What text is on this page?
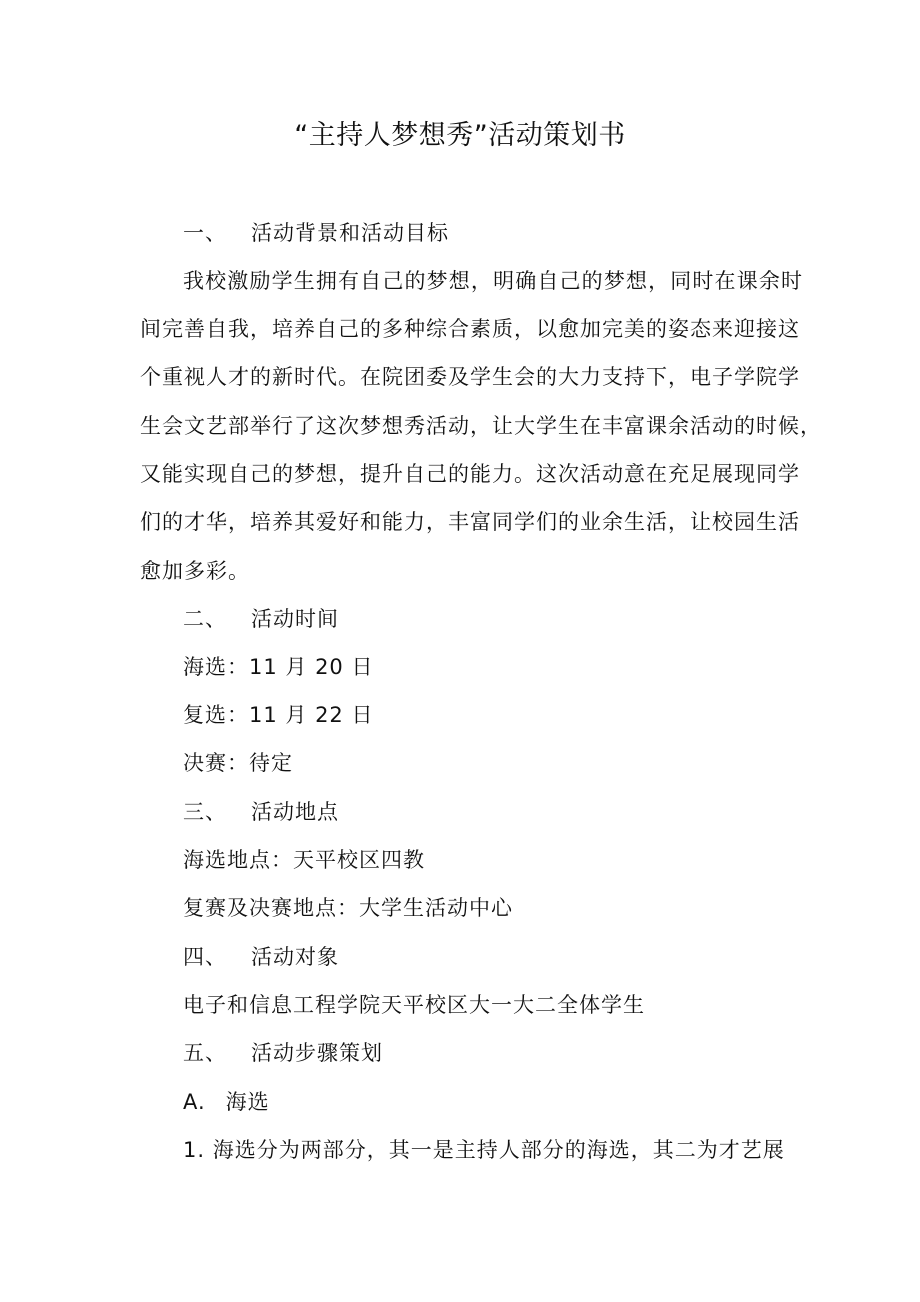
“主持人梦想秀”活动策划书
一、 活动背景和活动目标
我校激励学生拥有自己的梦想，明确自己的梦想，同时在课余时
间完善自我，培养自己的多种综合素质，以愈加完美的姿态来迎接这
个重视人才的新时代。在院团委及学生会的大力支持下，电子学院学
生会文艺部举行了这次梦想秀活动，让大学生在丰富课余活动的时候，
又能实现自己的梦想，提升自己的能力。这次活动意在充足展现同学
们的才华，培养其爱好和能力，丰富同学们的业余生活，让校园生活
愈加多彩。
二、 活动时间
海选：11 月 20 日
复选：11 月 22 日
决赛：待定
三、 活动地点
海选地点：天平校区四教
复赛及决赛地点：大学生活动中心
四、 活动对象
电子和信息工程学院天平校区大一大二全体学生
五、 活动步骤策划
A. 海选
1. 海选分为两部分，其一是主持人部分的海选，其二为才艺展
